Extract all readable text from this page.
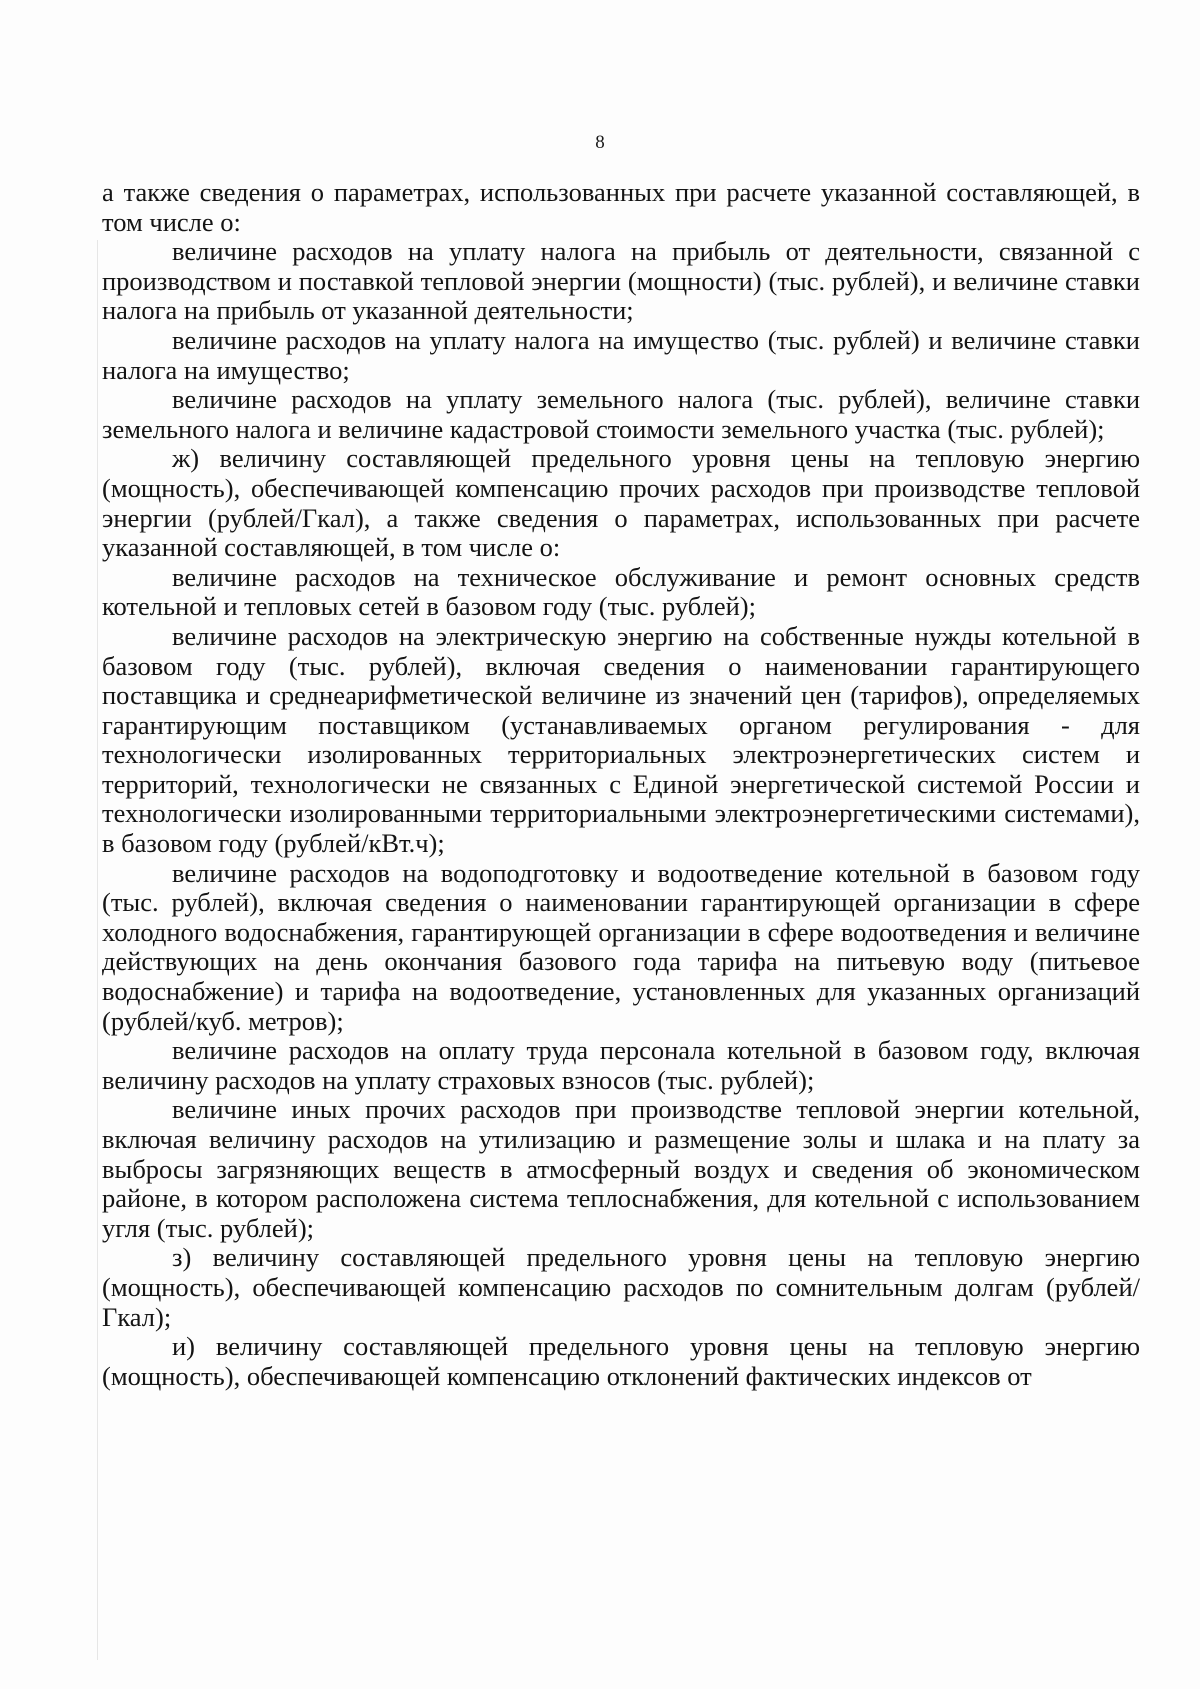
8

а также сведения о параметрах, использованных при расчете указанной составляющей, в том числе о:

величине расходов на уплату налога на прибыль от деятельности, связанной с производством и поставкой тепловой энергии (мощности) (тыс. рублей), и величине ставки налога на прибыль от указанной деятельности;

величине расходов на уплату налога на имущество (тыс. рублей) и величине ставки налога на имущество;

величине расходов на уплату земельного налога (тыс. рублей), величине ставки земельного налога и величине кадастровой стоимости земельного участка (тыс. рублей);

ж) величину составляющей предельного уровня цены на тепловую энергию (мощность), обеспечивающей компенсацию прочих расходов при производстве тепловой энергии (рублей/Гкал), а также сведения о параметрах, использованных при расчете указанной составляющей, в том числе о:

величине расходов на техническое обслуживание и ремонт основных средств котельной и тепловых сетей в базовом году (тыс. рублей);

величине расходов на электрическую энергию на собственные нужды котельной в базовом году (тыс. рублей), включая сведения о наименовании гарантирующего поставщика и среднеарифметической величине из значений цен (тарифов), определяемых гарантирующим поставщиком (устанавливаемых органом регулирования - для технологически изолированных территориальных электроэнергетических систем и территорий, технологически не связанных с Единой энергетической системой России и технологически изолированными территориальными электроэнергетическими системами), в базовом году (рублей/кВт.ч);

величине расходов на водоподготовку и водоотведение котельной в базовом году (тыс. рублей), включая сведения о наименовании гарантирующей организации в сфере холодного водоснабжения, гарантирующей организации в сфере водоотведения и величине действующих на день окончания базового года тарифа на питьевую воду (питьевое водоснабжение) и тарифа на водоотведение, установленных для указанных организаций (рублей/куб. метров);

величине расходов на оплату труда персонала котельной в базовом году, включая величину расходов на уплату страховых взносов (тыс. рублей);

величине иных прочих расходов при производстве тепловой энергии котельной, включая величину расходов на утилизацию и размещение золы и шлака и на плату за выбросы загрязняющих веществ в атмосферный воздух и сведения об экономическом районе, в котором расположена система теплоснабжения, для котельной с использованием угля (тыс. рублей);

з) величину составляющей предельного уровня цены на тепловую энергию (мощность), обеспечивающей компенсацию расходов по сомнительным долгам (рублей/Гкал);

и) величину составляющей предельного уровня цены на тепловую энергию (мощность), обеспечивающей компенсацию отклонений фактических индексов от
